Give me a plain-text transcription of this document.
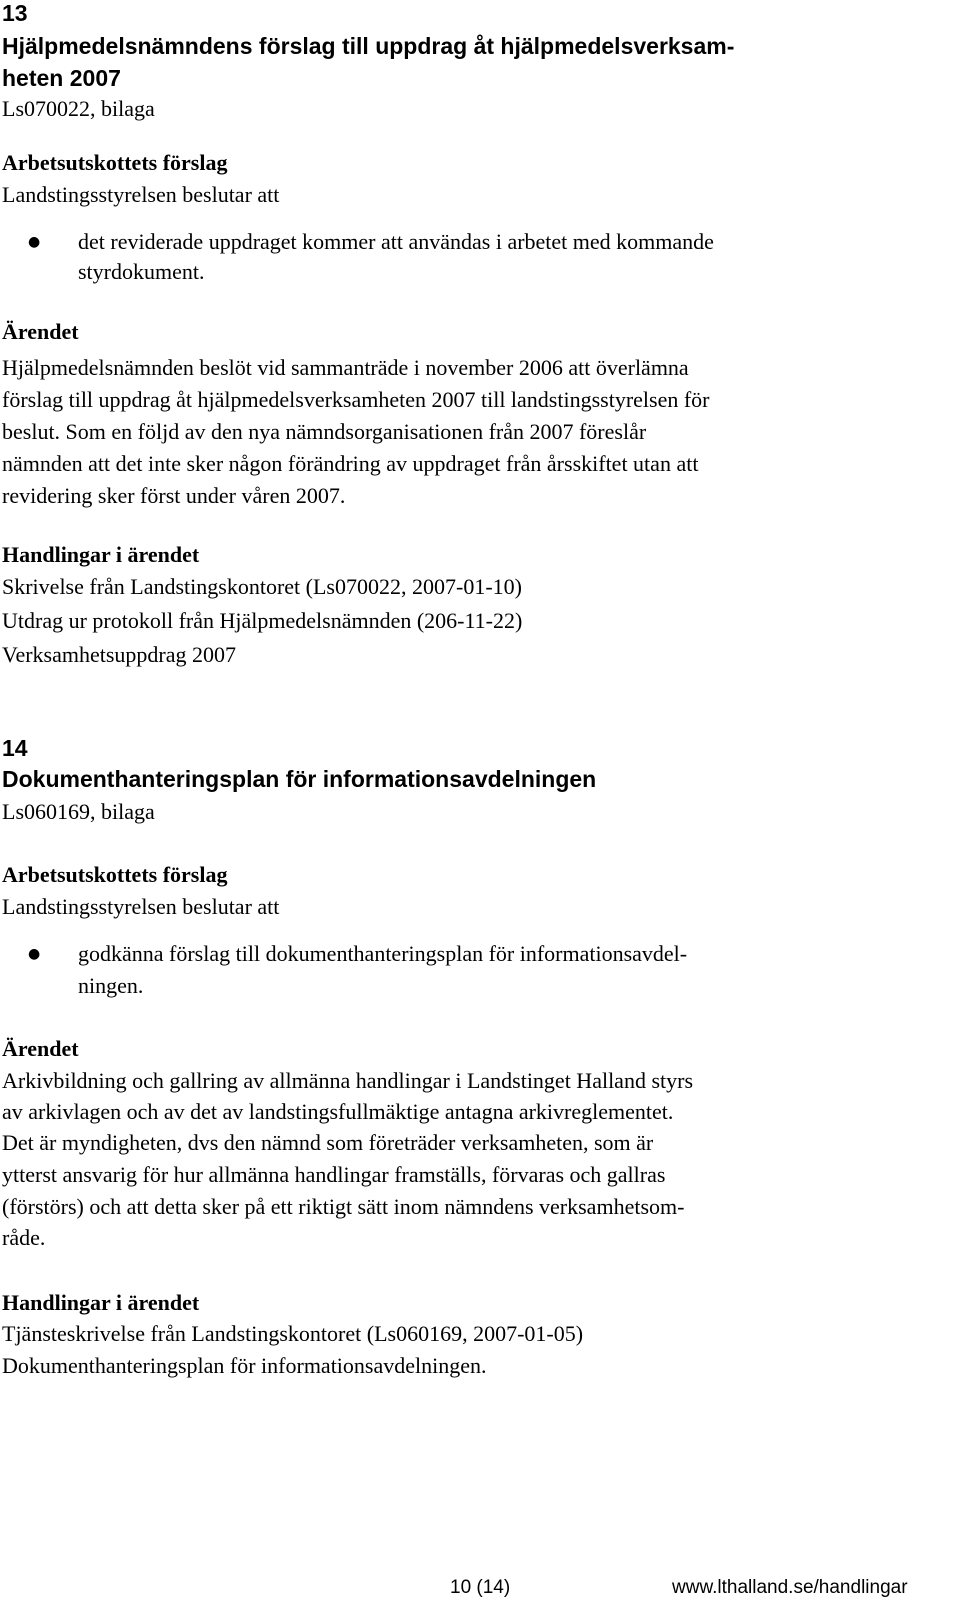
13
Hjälpmedelsnämndens förslag till uppdrag åt hjälpmedelsverksam-
heten 2007
Ls070022, bilaga
Arbetsutskottets förslag
Landstingsstyrelsen beslutar att
● det reviderade uppdraget kommer att användas i arbetet med kommande
styrdokument.
Ärendet
Hjälpmedelsnämnden beslöt vid sammanträde i november 2006 att överlämna
förslag till uppdrag åt hjälpmedelsverksamheten 2007 till landstingsstyrelsen för
beslut. Som en följd av den nya nämndsorganisationen från 2007 föreslår
nämnden att det inte sker någon förändring av uppdraget från årsskiftet utan att
revidering sker först under våren 2007.
Handlingar i ärendet
Skrivelse från Landstingskontoret (Ls070022, 2007-01-10)
Utdrag ur protokoll från Hjälpmedelsnämnden (206-11-22)
Verksamhetsuppdrag 2007
14
Dokumenthanteringsplan för informationsavdelningen
Ls060169, bilaga
Arbetsutskottets förslag
Landstingsstyrelsen beslutar att
● godkänna förslag till dokumenthanteringsplan för informationsavdel-
ningen.
Ärendet
Arkivbildning och gallring av allmänna handlingar i Landstinget Halland styrs
av arkivlagen och av det av landstingsfullmäktige antagna arkivreglementet.
Det är myndigheten, dvs den nämnd som företräder verksamheten, som är
ytterst ansvarig för hur allmänna handlingar framställs, förvaras och gallras
(förstörs) och att detta sker på ett riktigt sätt inom nämndens verksamhetsom-
råde.
Handlingar i ärendet
Tjänsteskrivelse från Landstingskontoret (Ls060169, 2007-01-05)
Dokumenthanteringsplan för informationsavdelningen.
10 (14)	www.lthalland.se/handlingar
